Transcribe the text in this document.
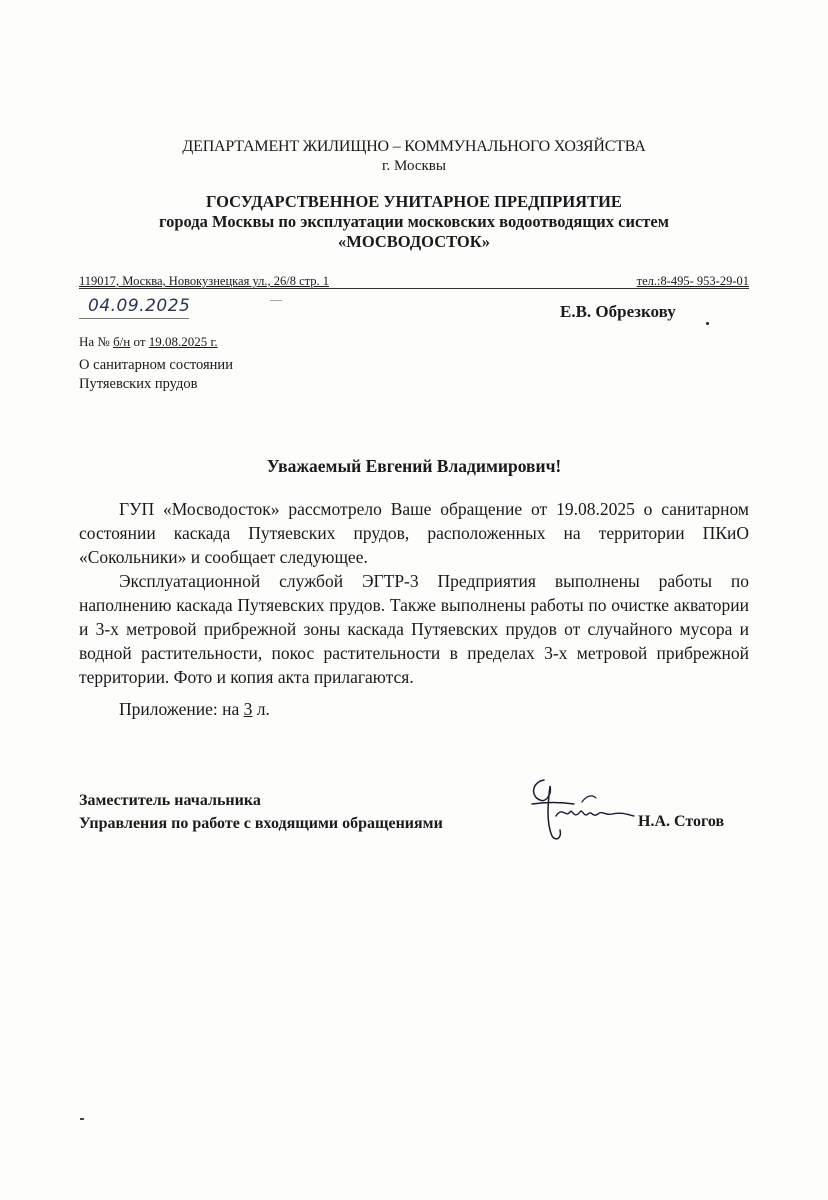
ДЕПАРТАМЕНТ ЖИЛИЩНО – КОММУНАЛЬНОГО ХОЗЯЙСТВА
г. Москвы
ГОСУДАРСТВЕННОЕ УНИТАРНОЕ ПРЕДПРИЯТИЕ
города Москвы по эксплуатации московских водоотводящих систем
«МОСВОДОСТОК»
119017, Москва, Новокузнецкая ул., 26/8 стр. 1	тел.:8-495- 953-29-01
04.09.2025	Е.В. Обрезкову
На № б/н от 19.08.2025 г.
О санитарном состоянии
Путяевских прудов
Уважаемый Евгений Владимирович!

ГУП «Мосводосток» рассмотрело Ваше обращение от 19.08.2025 о санитарном состоянии каскада Путяевских прудов, расположенных на территории ПКиО «Сокольники» и сообщает следующее.

Эксплуатационной службой ЭГТР-3 Предприятия выполнены работы по наполнению каскада Путяевских прудов. Также выполнены работы по очистке акватории и 3-х метровой прибрежной зоны каскада Путяевских прудов от случайного мусора и водной растительности, покос растительности в пределах 3-х метровой прибрежной территории. Фото и копия акта прилагаются.

Приложение: на 3 л.
Заместитель начальника
Управления по работе с входящими обращениями	Н.А. Стогов
